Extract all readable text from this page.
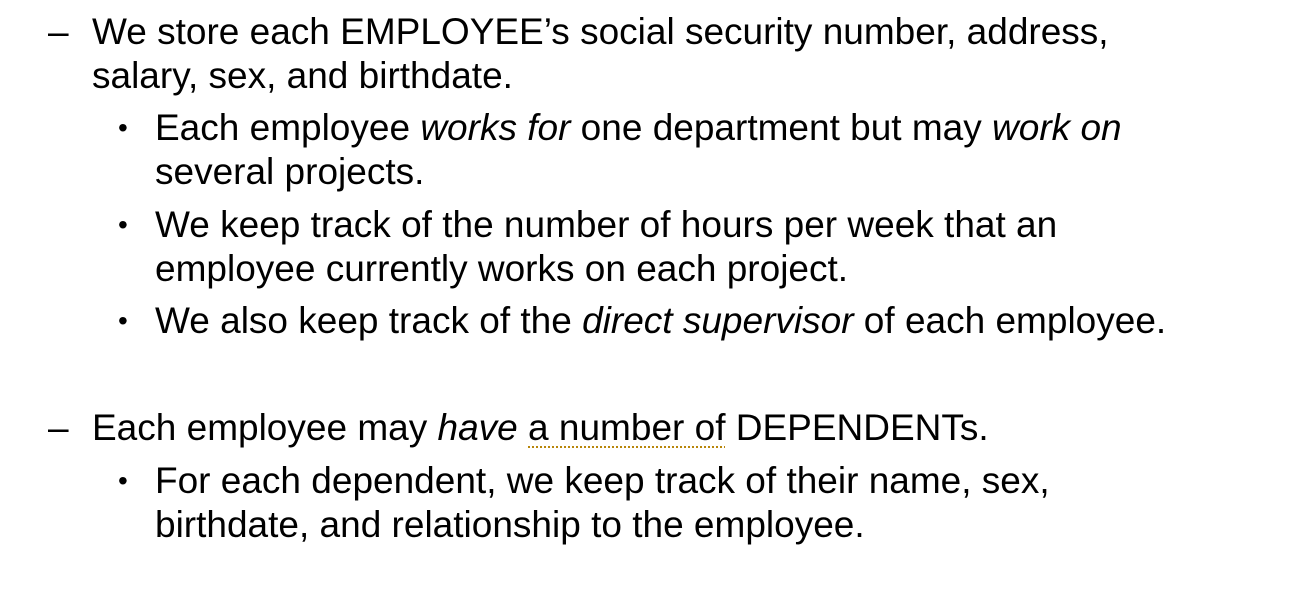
– We store each EMPLOYEE’s social security number, address,
salary, sex, and birthdate.
• Each employee works for one department but may work on
several projects.
• We keep track of the number of hours per week that an
employee currently works on each project.
• We also keep track of the direct supervisor of each employee.
– Each employee may have a number of DEPENDENTs.
• For each dependent, we keep track of their name, sex,
birthdate, and relationship to the employee.
